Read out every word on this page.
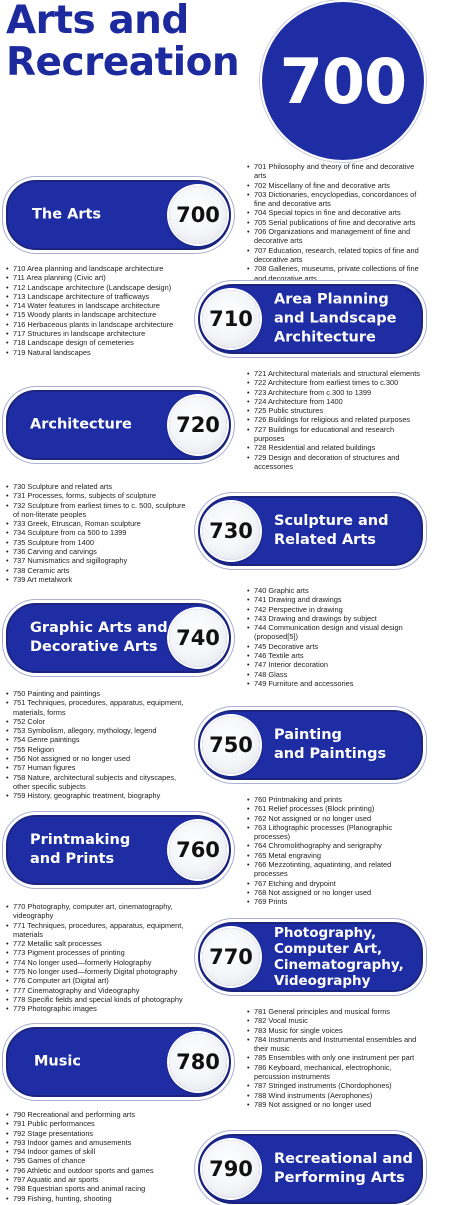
Arts and
Recreation 700
The Arts	700
• 701 Philosophy and theory of fine and decorative arts
• 702 Miscellany of fine and decorative arts
• 703 Dictionaries, encyclopedias, concordances of fine and decorative arts
• 704 Special topics in fine and decorative arts
• 705 Serial publications of fine and decorative arts
• 706 Organizations and management of fine and decorative arts
• 707 Education, research, related topics of fine and decorative arts
• 708 Galleries, museums, private collections of fine and decorative arts
•
• 710 Area planning and landscape architecture
• 711 Area planning (Civic art)
• 712 Landscape architecture (Landscape design)
• 713 Landscape architecture of trafficways
• 714 Water features in landscape architecture
• 715 Woody plants in landscape architecture
• 716 Herbaceous plants in landscape architecture
• 717 Structures in landscape architecture
• 718 Landscape design of cemeteries
• 719 Natural landscapes
710
Area Planning
and Landscape
Architecture
Architecture	720
• 721 Architectural materials and structural elements
• 722 Architecture from earliest times to c.300
• 723 Architecture from c.300 to 1399
• 724 Architecture from 1400
• 725 Public structures
• 726 Buildings for religious and related purposes
• 727 Buildings for educational and research purposes
• 728 Residential and related buildings
• 729 Design and decoration of structures and accessories
• 730 Sculpture and related arts
• 731 Processes, forms, subjects of sculpture
• 732 Sculpture from earliest times to c. 500, sculpture of non-literate peoples
• 733 Greek, Etruscan, Roman sculpture
• 734 Sculpture from ca 500 to 1399
• 735 Sculpture from 1400
• 736 Carving and carvings
• 737 Numismatics and sigillography
• 738 Ceramic arts
• 739 Art metalwork
730	Sculpture and
Related Arts
Graphic Arts and
Decorative Arts 740
• 740 Graphic arts
• 741 Drawing and drawings
• 742 Perspective in drawing
• 743 Drawing and drawings by subject
• 744 Communication design and visual design (proposed[5])
• 745 Decorative arts
• 746 Textile arts
• 747 Interior decoration
• 748 Glass
• 749 Furniture and accessories
• 750 Painting and paintings
• 751 Techniques, procedures, apparatus, equipment, materials, forms
• 752 Color
• 753 Symbolism, allegory, mythology, legend
• 754 Genre paintings
• 755 Religion
• 756 Not assigned or no longer used
• 757 Human figures
• 758 Nature, architectural subjects and cityscapes, other specific subjects
• 759 History, geographic treatment, biography
750	Painting
and Paintings
Printmaking
and Prints	760
• 760 Printmaking and prints
• 761 Relief processes (Block printing)
• 762 Not assigned or no longer used
• 763 Lithographic processes (Planographic processes)
• 764 Chromolithography and serigraphy
• 765 Metal engraving
• 766 Mezzotinting, aquatinting, and related processes
• 767 Etching and drypoint
• 768 Not assigned or no longer used
• 769 Prints
• 770 Photography, computer art, cinematography, videography
• 771 Techniques, procedures, apparatus, equipment, materials
• 772 Metallic salt processes
• 773 Pigment processes of printing
• 774 No longer used—formerly Holography
• 775 No longer used—formerly Digital photography
• 776 Computer art (Digital art)
• 777 Cinematography and Videography
• 778 Specific fields and special kinds of photography
• 779 Photographic images
770
Photography,
Computer Art,
Cinematography,
Videography
Music	780
• 781 General principles and musical forms
• 782 Vocal music
• 783 Music for single voices
• 784 Instruments and Instrumental ensembles and their music
• 785 Ensembles with only one instrument per part
• 786 Keyboard, mechanical, electrophonic, percussion instruments
• 787 Stringed instruments (Chordophones)
• 788 Wind instruments (Aerophones)
• 789 Not assigned or no longer used
• 790 Recreational and performing arts
• 791 Public performances
• 792 Stage presentations
• 793 Indoor games and amusements
• 794 Indoor games of skill
• 795 Games of chance
• 796 Athletic and outdoor sports and games
• 797 Aquatic and air sports
• 798 Equestrian sports and animal racing
• 799 Fishing, hunting, shooting
790	Recreational and
Performing Arts
